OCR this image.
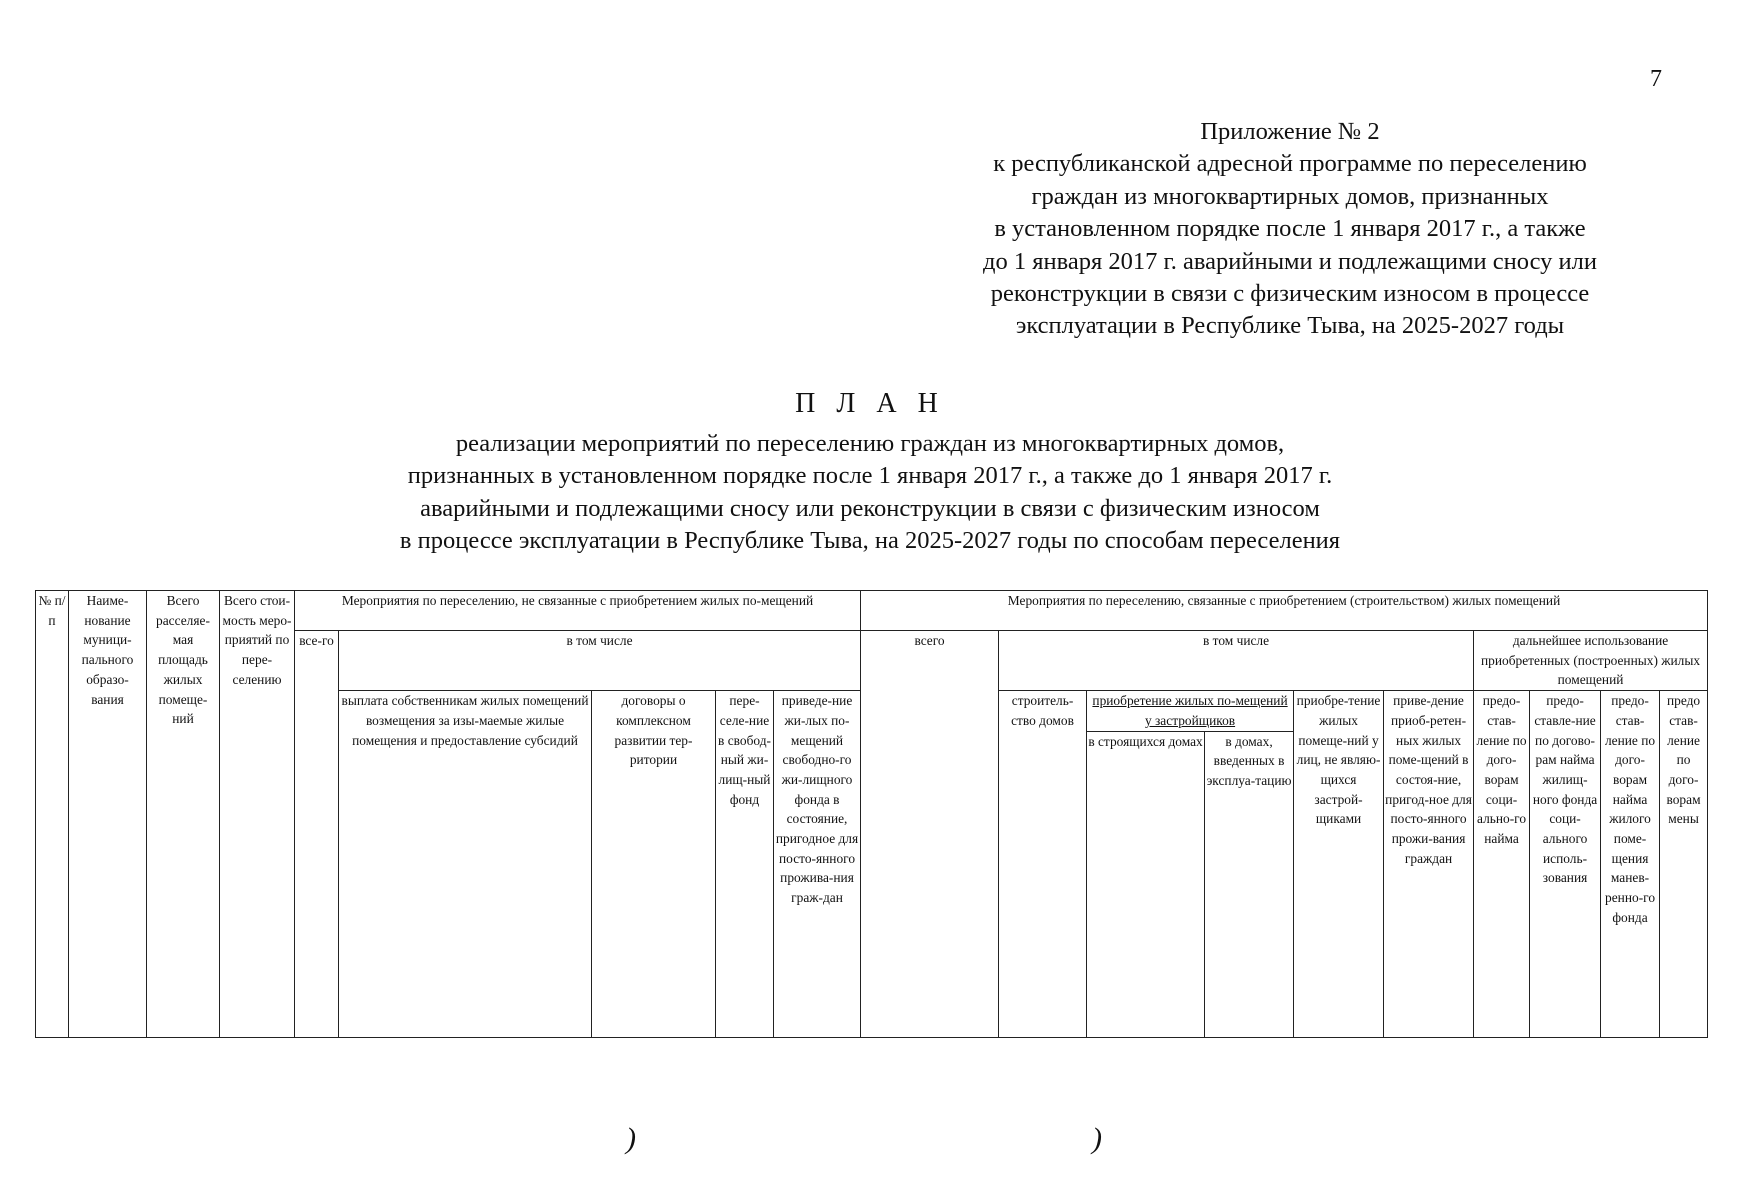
7
Приложение № 2
к республиканской адресной программе по переселению
граждан из многоквартирных домов, признанных
в установленном порядке после 1 января 2017 г., а также
до 1 января 2017 г. аварийными и подлежащими сносу или
реконструкции в связи с физическим износом в процессе
эксплуатации в Республике Тыва, на 2025-2027 годы
П Л А Н
реализации мероприятий по переселению граждан из многоквартирных домов,
признанных в установленном порядке после 1 января 2017 г., а также до 1 января 2017 г.
аварийными и подлежащими сносу или реконструкции в связи с физическим износом
в процессе эксплуатации в Республике Тыва, на 2025-2027 годы по способам переселения
№ п/п	Наиме-нование муници-пального образо-вания	Всего расселяе-мая площадь жилых помеще-ний	Всего стои-мость меро-приятий по пере-селению	Мероприятия по переселению, не связанные с приобретением жилых по-мещений					Мероприятия по переселению, связанные с приобретением (строительством) жилых помещений									
				все-го	в том числе				всего	в том числе					дальнейшее использование приобретенных (построенных) жилых помещений			
					выплата собственникам жилых помещений возмещения за изы-маемые жилые помещения и предоставление субсидий	договоры о комплексном развитии тер-ритории	пере-селе-ние в свобод-ный жи-лищ-ный фонд	приведе-ние жи-лых по-мещений свободно-го жи-лищного фонда в состояние, пригодное для посто-янного прожива-ния граж-дан		строитель-ство домов	приобретение жилых по-мещений у застройщиков		приобре-тение жилых помеще-ний у лиц, не являю-щихся застрой-щиками	приве-дение приоб-ретен-ных жилых поме-щений в состоя-ние, пригод-ное для посто-янного прожи-вания граждан	предо-став-ление по дого-ворам соци-ально-го найма	предо-ставле-ние по догово-рам найма жилищ-ного фонда соци-ального исполь-зования	предо-став-ление по дого-ворам найма жилого поме-щения манев-ренно-го фонда	предо став-ление по дого-ворам мены
											в строящихся домах	в домах, введенных в эксплуа-тацию						
)	)
